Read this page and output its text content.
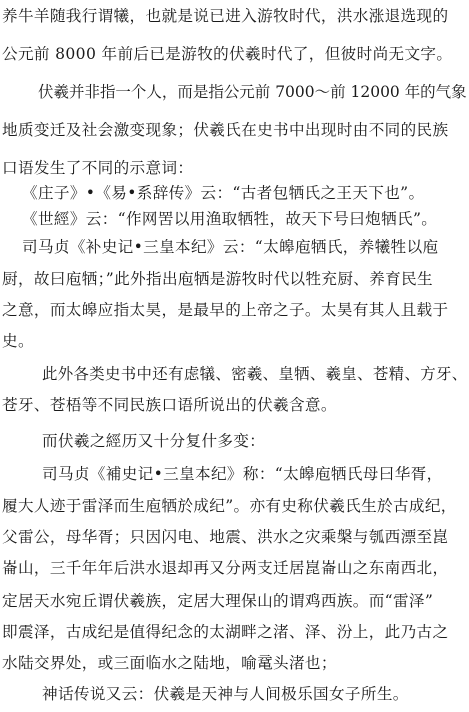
养牛羊随我行谓犧，也就是说已进入游牧时代，洪水涨退选现的
公元前 8000 年前后已是游牧的伏羲时代了，但彼时尚无文字。
伏羲并非指一个人，而是指公元前 7000～前 12000 年的气象
地质变迁及社会激变现象；伏羲氏在史书中出现时由不同的民族
口语发生了不同的示意词：
《庄子》•《易•系辞传》云：“古者包牺氏之王天下也”。
《世經》云：“作网罟以用渔取牺牲，故天下号曰炮牺氏”。
司马贞《补史记•三皇本纪》云：“太皞庖牺氏，养犧牲以庖
厨，故曰庖牺；”此外指出庖牺是游牧时代以牲充厨、养育民生
之意，而太皞应指太昊，是最早的上帝之子。太昊有其人且载于
史。
此外各类史书中还有虑犠、密羲、皇牺、羲皇、苍精、方牙、
苍牙、苍梧等不同民族口语所说出的伏羲含意。
而伏羲之經历又十分复什多变：
司马贞《補史记•三皇本纪》称：“太皞庖牺氏母曰华胥，
履大人迹于雷泽而生庖牺於成纪”。亦有史称伏羲氏生於古成纪，
父雷公，母华胥；只因闪电、地震、洪水之灾乘槃与瓠西漂至崑
崙山，三千年年后洪水退却再又分两支迁居崑崙山之东南西北，
定居天水宛丘谓伏羲族，定居大理保山的谓鸡西族。而“雷泽”
即震泽，古成纪是值得纪念的太湖畔之渚、泽、汾上，此乃古之
水陆交界处，或三面临水之陆地，喻鼋头渚也；
神话传说又云：伏羲是天神与人间极乐国女子所生。
